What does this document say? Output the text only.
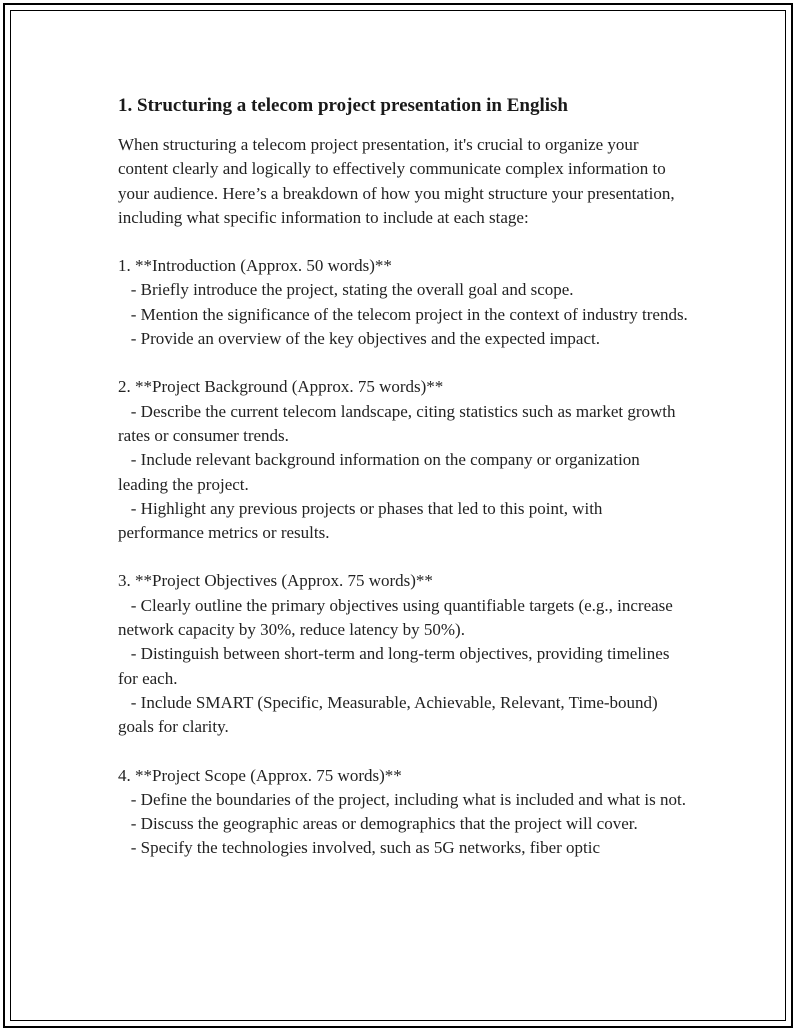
1. Structuring a telecom project presentation in English

When structuring a telecom project presentation, it's crucial to organize your content clearly and logically to effectively communicate complex information to your audience. Here’s a breakdown of how you might structure your presentation, including what specific information to include at each stage:

1. **Introduction (Approx. 50 words)**

- Briefly introduce the project, stating the overall goal and scope.

- Mention the significance of the telecom project in the context of industry trends.

- Provide an overview of the key objectives and the expected impact.

2. **Project Background (Approx. 75 words)**

- Describe the current telecom landscape, citing statistics such as market growth rates or consumer trends.

- Include relevant background information on the company or organization leading the project.

- Highlight any previous projects or phases that led to this point, with performance metrics or results.

3. **Project Objectives (Approx. 75 words)**

- Clearly outline the primary objectives using quantifiable targets (e.g., increase network capacity by 30%, reduce latency by 50%).

- Distinguish between short-term and long-term objectives, providing timelines for each.

- Include SMART (Specific, Measurable, Achievable, Relevant, Time-bound) goals for clarity.

4. **Project Scope (Approx. 75 words)**

- Define the boundaries of the project, including what is included and what is not.

- Discuss the geographic areas or demographics that the project will cover.

- Specify the technologies involved, such as 5G networks, fiber optic
